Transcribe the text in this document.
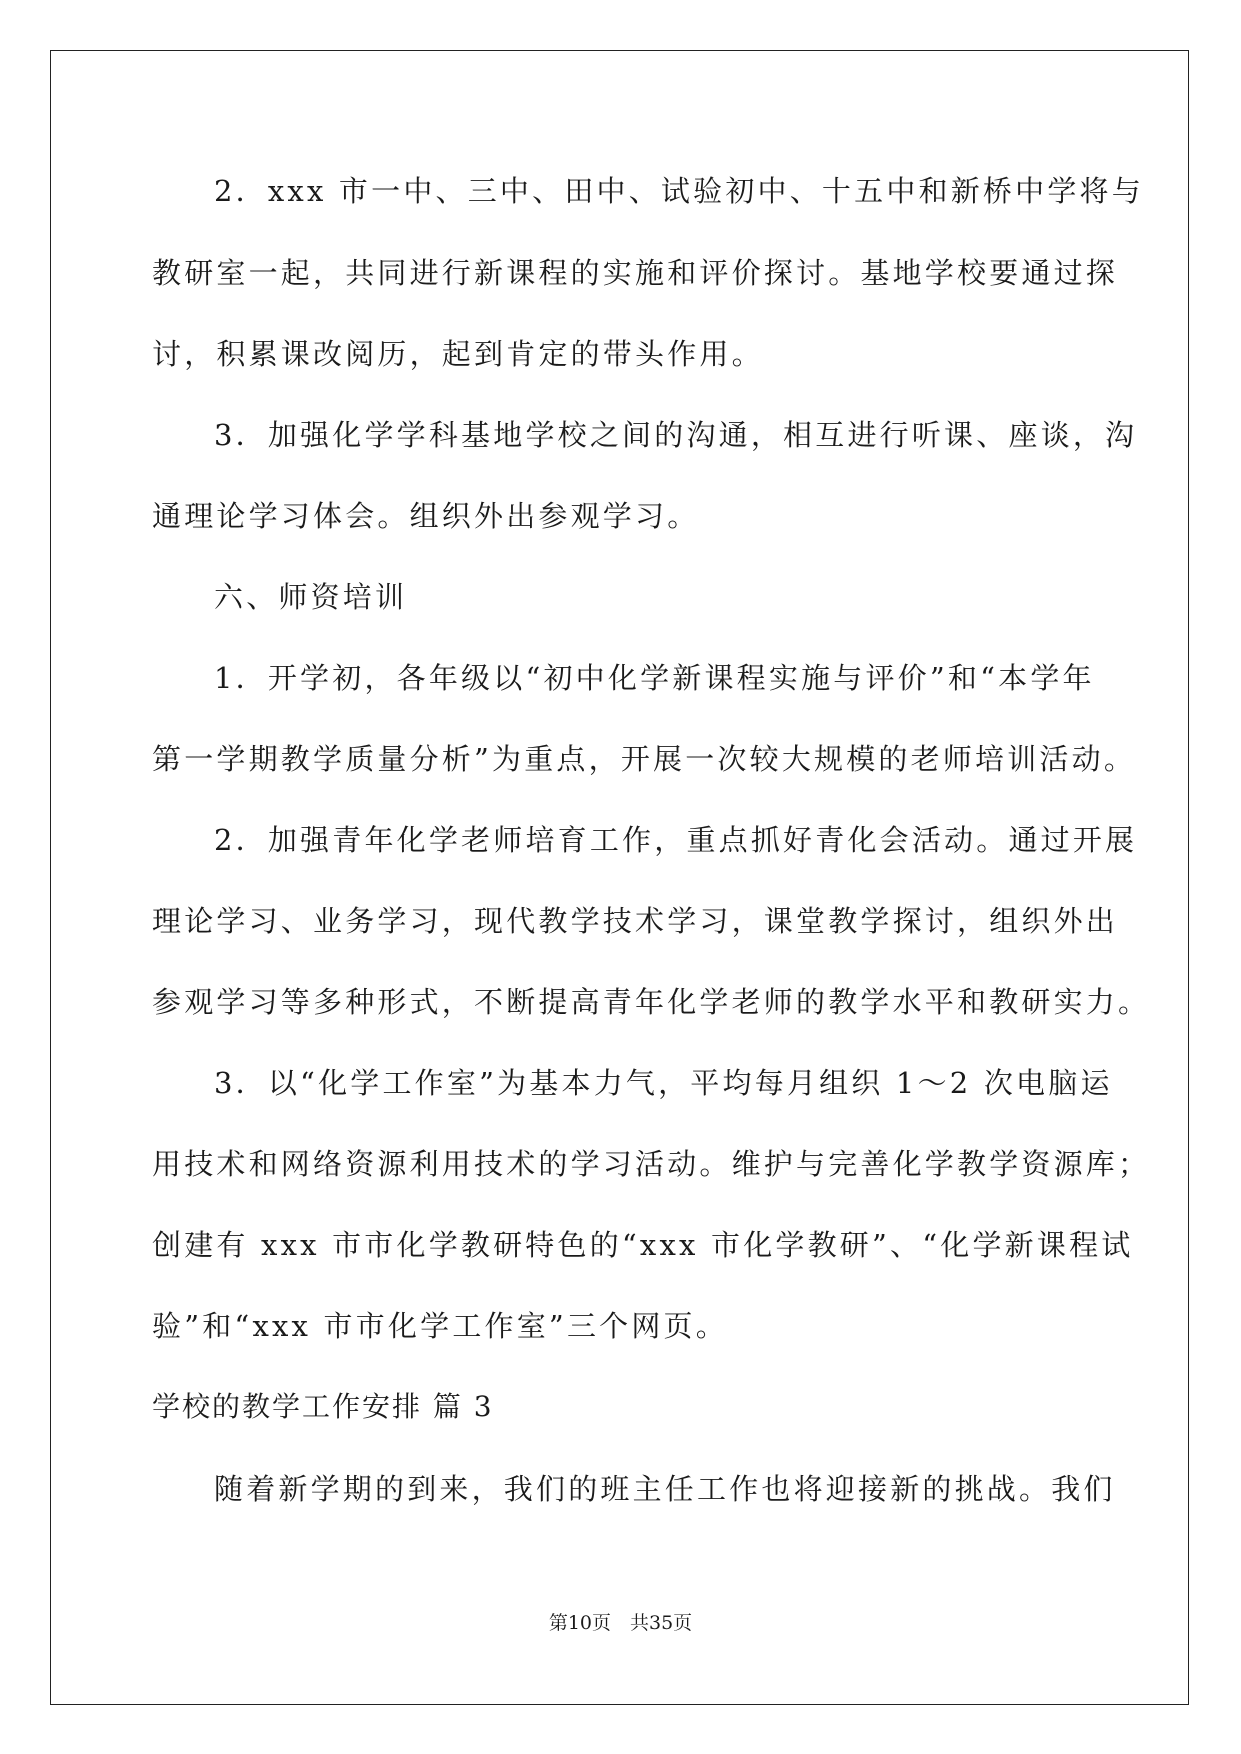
2．xxx 市一中、三中、田中、试验初中、十五中和新桥中学将与
教研室一起，共同进行新课程的实施和评价探讨。基地学校要通过探
讨，积累课改阅历，起到肯定的带头作用。
3．加强化学学科基地学校之间的沟通，相互进行听课、座谈，沟
通理论学习体会。组织外出参观学习。
六、师资培训
1．开学初，各年级以“初中化学新课程实施与评价”和“本学年
第一学期教学质量分析”为重点，开展一次较大规模的老师培训活动。
2．加强青年化学老师培育工作，重点抓好青化会活动。通过开展
理论学习、业务学习，现代教学技术学习，课堂教学探讨，组织外出
参观学习等多种形式，不断提高青年化学老师的教学水平和教研实力。
3．以“化学工作室”为基本力气，平均每月组织 1～2 次电脑运
用技术和网络资源利用技术的学习活动。维护与完善化学教学资源库；
创建有 xxx 市市化学教研特色的“xxx 市化学教研”、“化学新课程试
验”和“xxx 市市化学工作室”三个网页。
学校的教学工作安排 篇 3
随着新学期的到来，我们的班主任工作也将迎接新的挑战。我们
第10页　共35页
